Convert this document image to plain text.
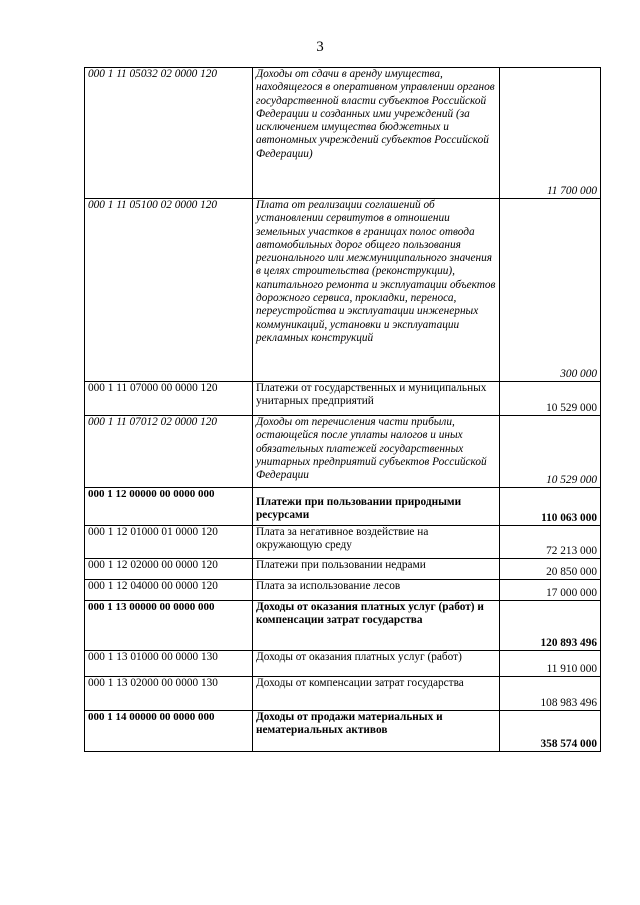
3
000 1 11 05032 02 0000 120	Доходы от сдачи в аренду имущества, находящегося в оперативном управлении органов государственной власти субъектов Российской Федерации и созданных ими учреждений (за исключением имущества бюджетных и автономных учреждений субъектов Российской Федерации)	11 700 000
000 1 11 05100 02 0000 120	Плата от реализации соглашений об установлении сервитутов в отношении земельных участков в границах полос отвода автомобильных дорог общего пользования регионального или межмуниципального значения в целях строительства (реконструкции), капитального ремонта и эксплуатации объектов дорожного сервиса, прокладки, переноса, переустройства и эксплуатации инженерных коммуникаций, установки и эксплуатации рекламных конструкций	300 000
000 1 11 07000 00 0000 120	Платежи от государственных и муниципальных унитарных предприятий	10 529 000
000 1 11 07012 02 0000 120	Доходы от перечисления части прибыли, остающейся после уплаты налогов и иных обязательных платежей государственных унитарных предприятий субъектов Российской Федерации	10 529 000
000 1 12 00000 00 0000 000	Платежи при пользовании природными ресурсами	110 063 000
000 1 12 01000 01 0000 120	Плата за негативное воздействие на окружающую среду	72 213 000
000 1 12 02000 00 0000 120	Платежи при пользовании недрами	20 850 000
000 1 12 04000 00 0000 120	Плата за использование лесов	17 000 000
000 1 13 00000 00 0000 000	Доходы от оказания платных услуг (работ) и компенсации затрат государства	120 893 496
000 1 13 01000 00 0000 130	Доходы от оказания платных услуг (работ)	11 910 000
000 1 13 02000 00 0000 130	Доходы от компенсации затрат государства	108 983 496
000 1 14 00000 00 0000 000	Доходы от продажи материальных и нематериальных активов	358 574 000
